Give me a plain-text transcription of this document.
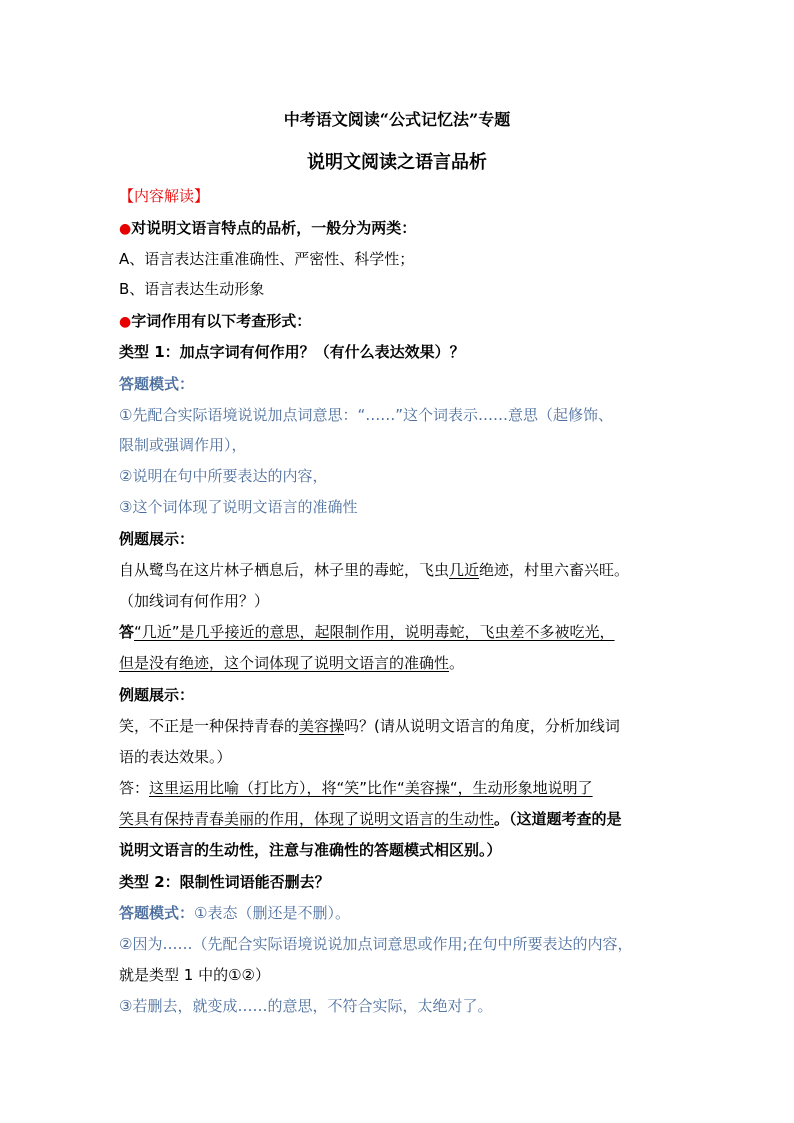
中考语文阅读“公式记忆法”专题
说明文阅读之语言品析
【内容解读】
●对说明文语言特点的品析，一般分为两类：
A、语言表达注重准确性、严密性、科学性；
B、语言表达生动形象
●字词作用有以下考查形式：
类型 1：加点字词有何作用？（有什么表达效果）？
答题模式：
①先配合实际语境说说加点词意思：“……”这个词表示……意思（起修饰、
限制或强调作用），
②说明在句中所要表达的内容，
③这个词体现了说明文语言的准确性
例题展示：
自从鹭鸟在这片林子栖息后，林子里的毒蛇，飞虫几近绝迹，村里六畜兴旺。
（加线词有何作用？）
答“几近”是几乎接近的意思，起限制作用，说明毒蛇，飞虫差不多被吃光，
但是没有绝迹，这个词体现了说明文语言的准确性。
例题展示：
笑，不正是一种保持青春的美容操吗？(请从说明文语言的角度，分析加线词
语的表达效果。）
答：这里运用比喻（打比方），将“笑”比作“美容操“，生动形象地说明了
笑具有保持青春美丽的作用，体现了说明文语言的生动性。（这道题考查的是
说明文语言的生动性，注意与准确性的答题模式相区别。）
类型 2：限制性词语能否删去？
答题模式：①表态（删还是不删）。
②因为……（先配合实际语境说说加点词意思或作用;在句中所要表达的内容，
就是类型 1 中的①②）
③若删去，就变成……的意思，不符合实际，太绝对了。
